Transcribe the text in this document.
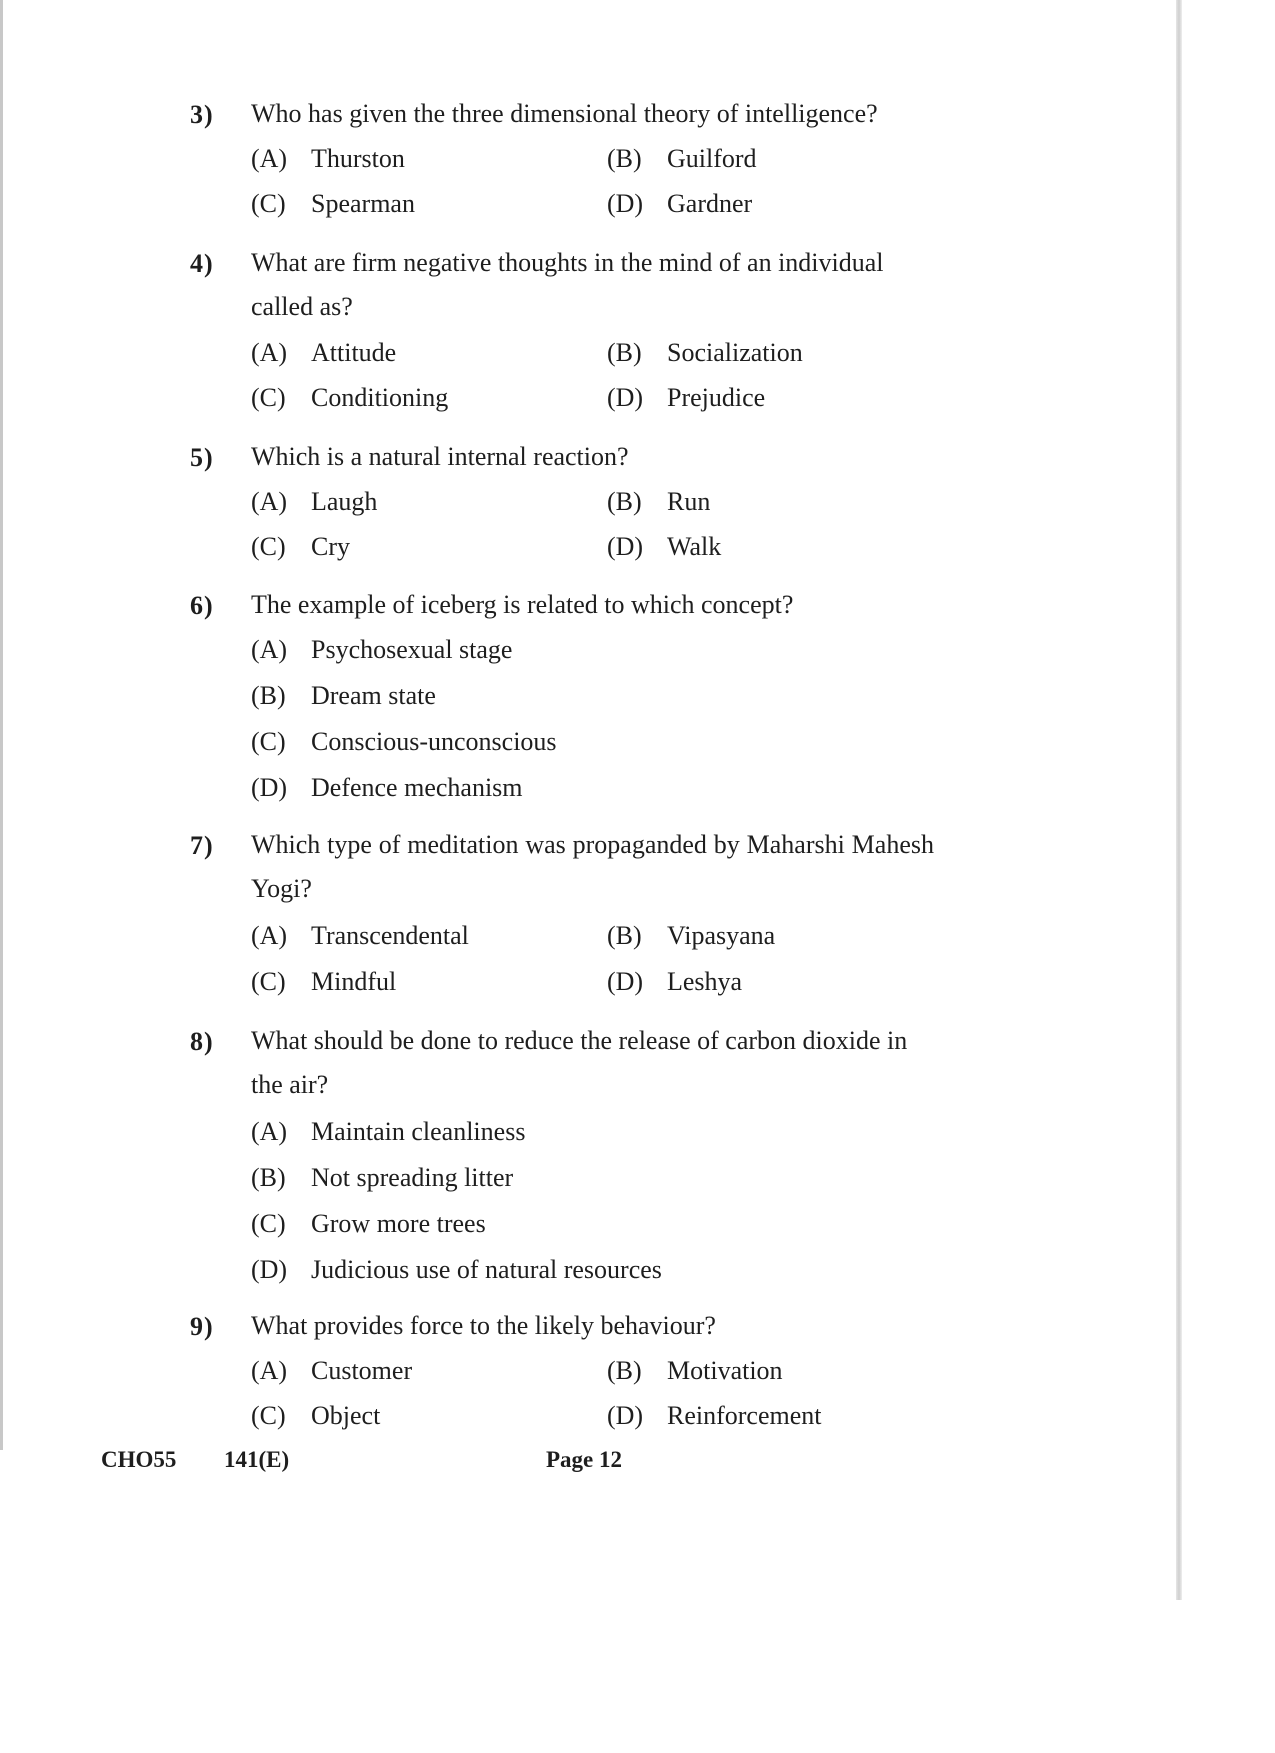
3) Who has given the three dimensional theory of intelligence?
(A) Thurston	(B) Guilford
(C) Spearman	(D) Gardner
4) What are firm negative thoughts in the mind of an individual called as?
(A) Attitude	(B) Socialization
(C) Conditioning	(D) Prejudice
5) Which is a natural internal reaction?
(A) Laugh	(B) Run
(C) Cry	(D) Walk
6) The example of iceberg is related to which concept?
(A) Psychosexual stage
(B) Dream state
(C) Conscious-unconscious
(D) Defence mechanism
7) Which type of meditation was propaganded by Maharshi Mahesh Yogi?
(A) Transcendental	(B) Vipasyana
(C) Mindful	(D) Leshya
8) What should be done to reduce the release of carbon dioxide in the air?
(A) Maintain cleanliness
(B) Not spreading litter
(C) Grow more trees
(D) Judicious use of natural resources
9) What provides force to the likely behaviour?
(A) Customer	(B) Motivation
(C) Object	(D) Reinforcement
CHO55 141(E)	Page 12
